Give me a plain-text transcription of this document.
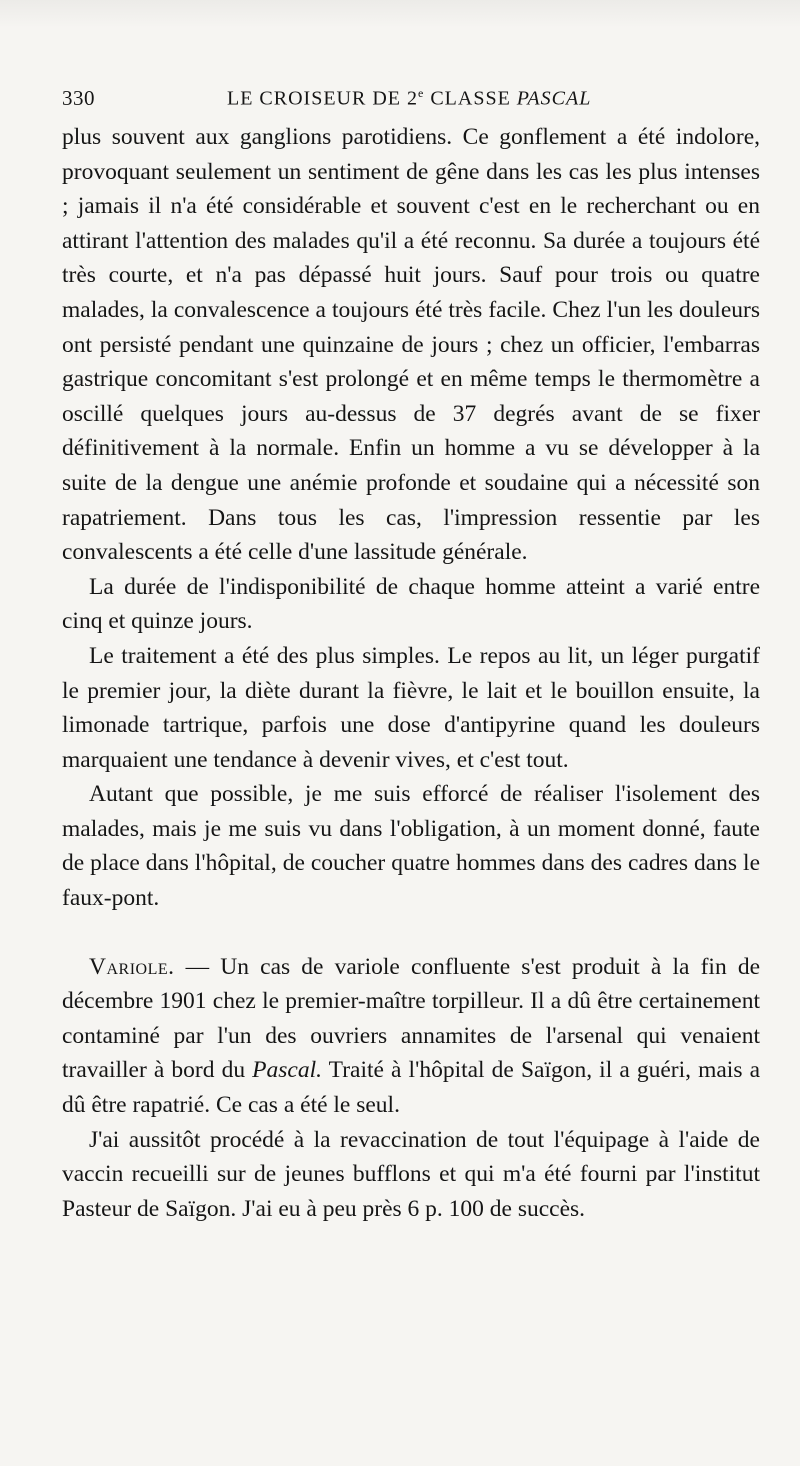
330	LE CROISEUR DE 2e CLASSE PASCAL

plus souvent aux ganglions parotidiens. Ce gonflement a été indolore, provoquant seulement un sentiment de gêne dans les cas les plus intenses ; jamais il n'a été considérable et souvent c'est en le recherchant ou en attirant l'attention des malades qu'il a été reconnu. Sa durée a toujours été très courte, et n'a pas dépassé huit jours. Sauf pour trois ou quatre malades, la convalescence a toujours été très facile. Chez l'un les douleurs ont persisté pendant une quinzaine de jours ; chez un officier, l'embarras gastrique concomitant s'est prolongé et en même temps le thermomètre a oscillé quelques jours au-dessus de 37 degrés avant de se fixer définitivement à la normale. Enfin un homme a vu se développer à la suite de la dengue une anémie profonde et soudaine qui a nécessité son rapatriement. Dans tous les cas, l'impression ressentie par les convalescents a été celle d'une lassitude générale.

La durée de l'indisponibilité de chaque homme atteint a varié entre cinq et quinze jours.

Le traitement a été des plus simples. Le repos au lit, un léger purgatif le premier jour, la diète durant la fièvre, le lait et le bouillon ensuite, la limonade tartrique, parfois une dose d'antipyrine quand les douleurs marquaient une tendance à devenir vives, et c'est tout.

Autant que possible, je me suis efforcé de réaliser l'isolement des malades, mais je me suis vu dans l'obligation, à un moment donné, faute de place dans l'hôpital, de coucher quatre hommes dans des cadres dans le faux-pont.

Variole. — Un cas de variole confluente s'est produit à la fin de décembre 1901 chez le premier-maître torpilleur. Il a dû être certainement contaminé par l'un des ouvriers annamites de l'arsenal qui venaient travailler à bord du Pascal. Traité à l'hôpital de Saïgon, il a guéri, mais a dû être rapatrié. Ce cas a été le seul.

J'ai aussitôt procédé à la revaccination de tout l'équipage à l'aide de vaccin recueilli sur de jeunes bufflons et qui m'a été fourni par l'institut Pasteur de Saïgon. J'ai eu à peu près 6 p. 100 de succès.
